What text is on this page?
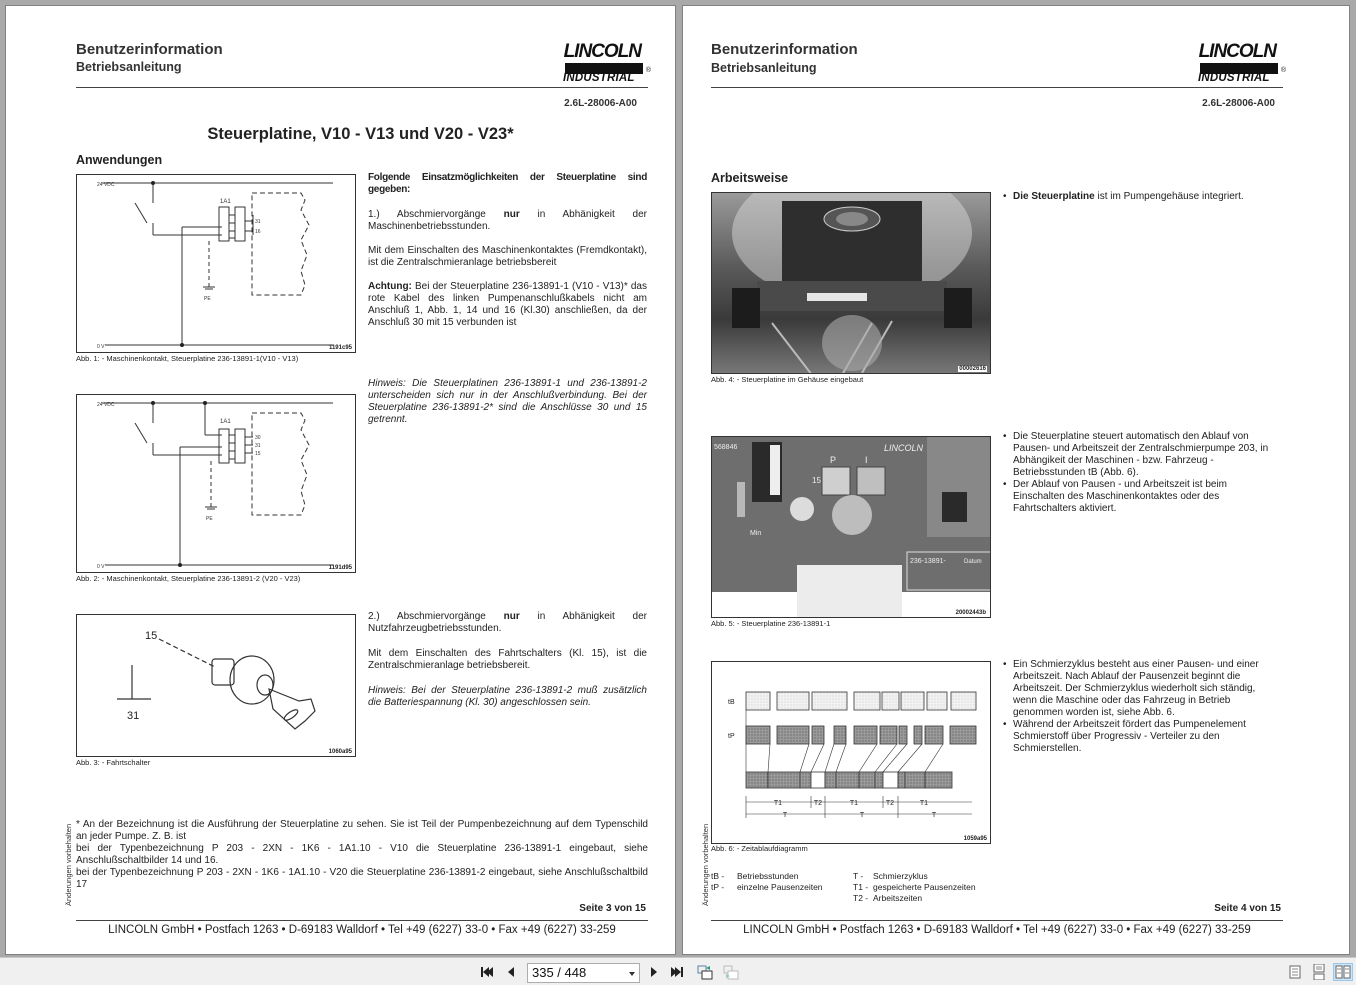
Benutzerinformation
Betriebsanleitung
LINCOLN
INDUSTRIAL
®
2.6L-28006-A00
Steuerplatine, V10 - V13 und V20 - V23*
Anwendungen
24 VDC
0 V
1A1
PE
31
16
1191c95
Abb. 1: - Maschinenkontakt, Steuerplatine 236-13891-1(V10 - V13)
Folgende Einsatzmöglichkeiten der Steuerplatine sind gegeben:
1.) Abschmiervorgänge nur in Abhänigkeit der Maschinenbetriebsstunden.
Mit dem Einschalten des Maschinenkontaktes (Fremdkontakt), ist die Zentralschmieranlage betriebsbereit
Achtung: Bei der Steuerplatine 236-13891-1 (V10 - V13)* das rote Kabel des linken Pumpenanschlußkabels nicht am Anschluß 1, Abb. 1, 14 und 16 (Kl.30) anschließen, da der Anschluß 30 mit 15 verbunden ist
Hinweis: Die Steuerplatinen 236-13891-1 und 236-13891-2 unterscheiden sich nur in der Anschlußverbindung. Bei der Steuerplatine 236-13891-2* sind die Anschlüsse 30 und 15 getrennt.
24 VDC
0 V
1A1
PE
30
31
15
1191d95
Abb. 2: - Maschinenkontakt, Steuerplatine 236-13891-2 (V20 - V23)
15
31
1060a95
Abb. 3: - Fahrtschalter
2.) Abschmiervorgänge nur in Abhänigkeit der Nutzfahrzeugbetriebsstunden.
Mit dem Einschalten des Fahrtschalters (Kl. 15), ist die Zentralschmieranlage betriebsbereit.
Hinweis: Bei der Steuerplatine 236-13891-2 muß zusätzlich die Batteriespannung (Kl. 30) angeschlossen sein.
* An der Bezeichnung ist die Ausführung der Steuerplatine zu sehen. Sie ist Teil der Pumpenbezeichnung auf dem Typenschild an jeder Pumpe. Z. B. ist
bei der Typenbezeichnung P 203 - 2XN - 1K6 - 1A1.10 - V10 die Steuerplatine 236-13891-1 eingebaut, siehe Anschlußschaltbilder 14 und 16.
bei der Typenbezeichnung P 203 - 2XN - 1K6 - 1A1.10 - V20 die Steuerplatine 236-13891-2 eingebaut, siehe Anschlußschaltbild 17
Änderungen vorbehalten
Seite 3 von 15
LINCOLN GmbH • Postfach 1263 • D-69183 Walldorf • Tel +49 (6227) 33-0 • Fax +49 (6227) 33-259
Benutzerinformation
Betriebsanleitung
LINCOLN
INDUSTRIAL
®
2.6L-28006-A00
Arbeitsweise
00002616
Abb. 4: - Steuerplatine im Gehäuse eingebaut
• Die Steuerplatine ist im Pumpengehäuse integriert.
568846	LINCOLN
P	I
15
Min
236-13891-	Datum
20002443b
Abb. 5: - Steuerplatine 236-13891-1
• Die Steuerplatine steuert automatisch den Ablauf von Pausen- und Arbeitszeit der Zentralschmierpumpe 203, in Abhängikeit der Maschinen - bzw. Fahrzeug - Betriebsstunden tB (Abb. 6).
• Der Ablauf von Pausen - und Arbeitszeit ist beim Einschalten des Maschinenkontaktes oder des Fahrtschalters aktiviert.
tB
tP
T1	T2	T1	T2	T1
T	T	T
1059a95
Abb. 6: - Zeitablaufdiagramm
• Ein Schmierzyklus besteht aus einer Pausen- und einer Arbeitszeit. Nach Ablauf der Pausenzeit beginnt die Arbeitszeit. Der Schmierzyklus wiederholt sich ständig, wenn die Maschine oder das Fahrzeug in Betrieb genommen worden ist, siehe Abb. 6.
• Während der Arbeitszeit fördert das Pumpenelement Schmierstoff über Progressiv - Verteiler zu den Schmierstellen.
tB - Betriebsstunden
tP - einzelne Pausenzeiten
T - Schmierzyklus
T1 - gespeicherte Pausenzeiten
T2 - Arbeitszeiten
Änderungen vorbehalten
Seite 4 von 15
LINCOLN GmbH • Postfach 1263 • D-69183 Walldorf • Tel +49 (6227) 33-0 • Fax +49 (6227) 33-259
335 / 448
